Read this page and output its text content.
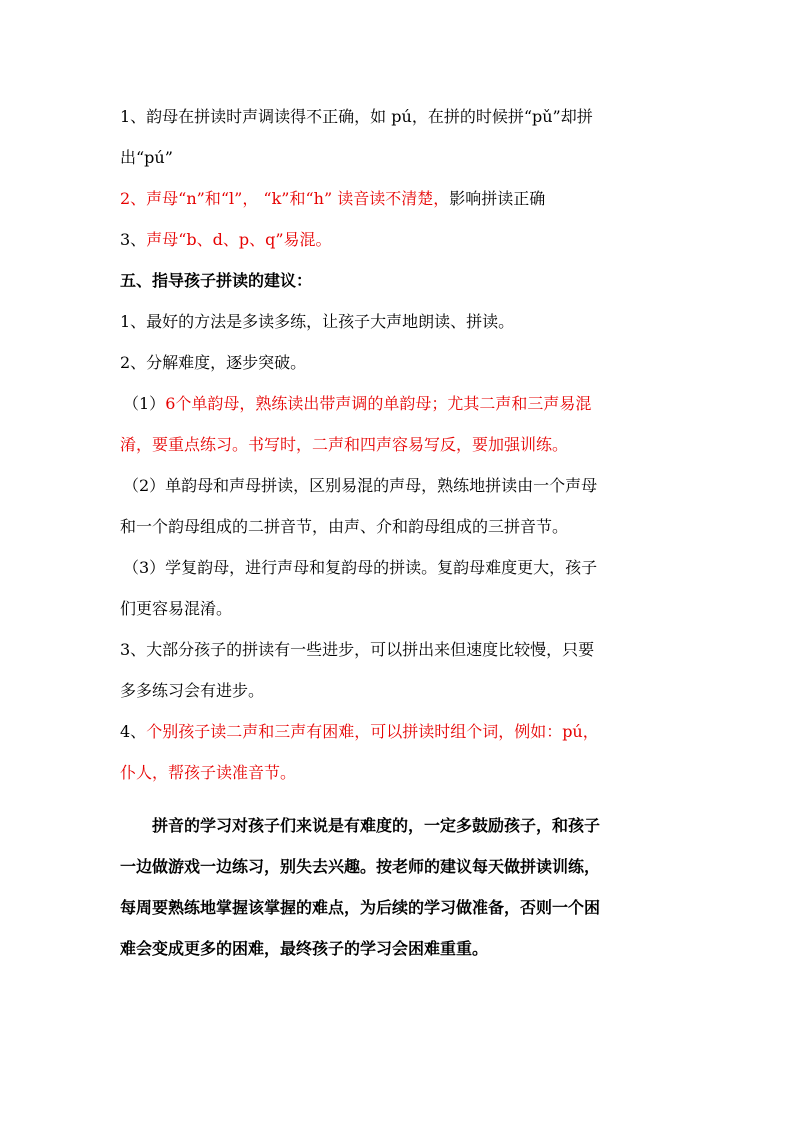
1、韵母在拼读时声调读得不正确，如 pú，在拼的时候拼“pǔ”却拼
出“pú”
2、声母“n”和“l”， “k”和“h” 读音读不清楚，影响拼读正确
3、声母“b、d、p、q”易混。
五、指导孩子拼读的建议：
1、最好的方法是多读多练，让孩子大声地朗读、拼读。
2、分解难度，逐步突破。
（1）6个单韵母，熟练读出带声调的单韵母；尤其二声和三声易混
淆，要重点练习。书写时，二声和四声容易写反，要加强训练。
（2）单韵母和声母拼读，区别易混的声母，熟练地拼读由一个声母
和一个韵母组成的二拼音节，由声、介和韵母组成的三拼音节。
（3）学复韵母，进行声母和复韵母的拼读。复韵母难度更大，孩子
们更容易混淆。
3、大部分孩子的拼读有一些进步，可以拼出来但速度比较慢，只要
多多练习会有进步。
4、个别孩子读二声和三声有困难，可以拼读时组个词，例如：pú，
仆人，帮孩子读准音节。
拼音的学习对孩子们来说是有难度的，一定多鼓励孩子，和孩子
一边做游戏一边练习，别失去兴趣。按老师的建议每天做拼读训练，
每周要熟练地掌握该掌握的难点，为后续的学习做准备，否则一个困
难会变成更多的困难，最终孩子的学习会困难重重。
